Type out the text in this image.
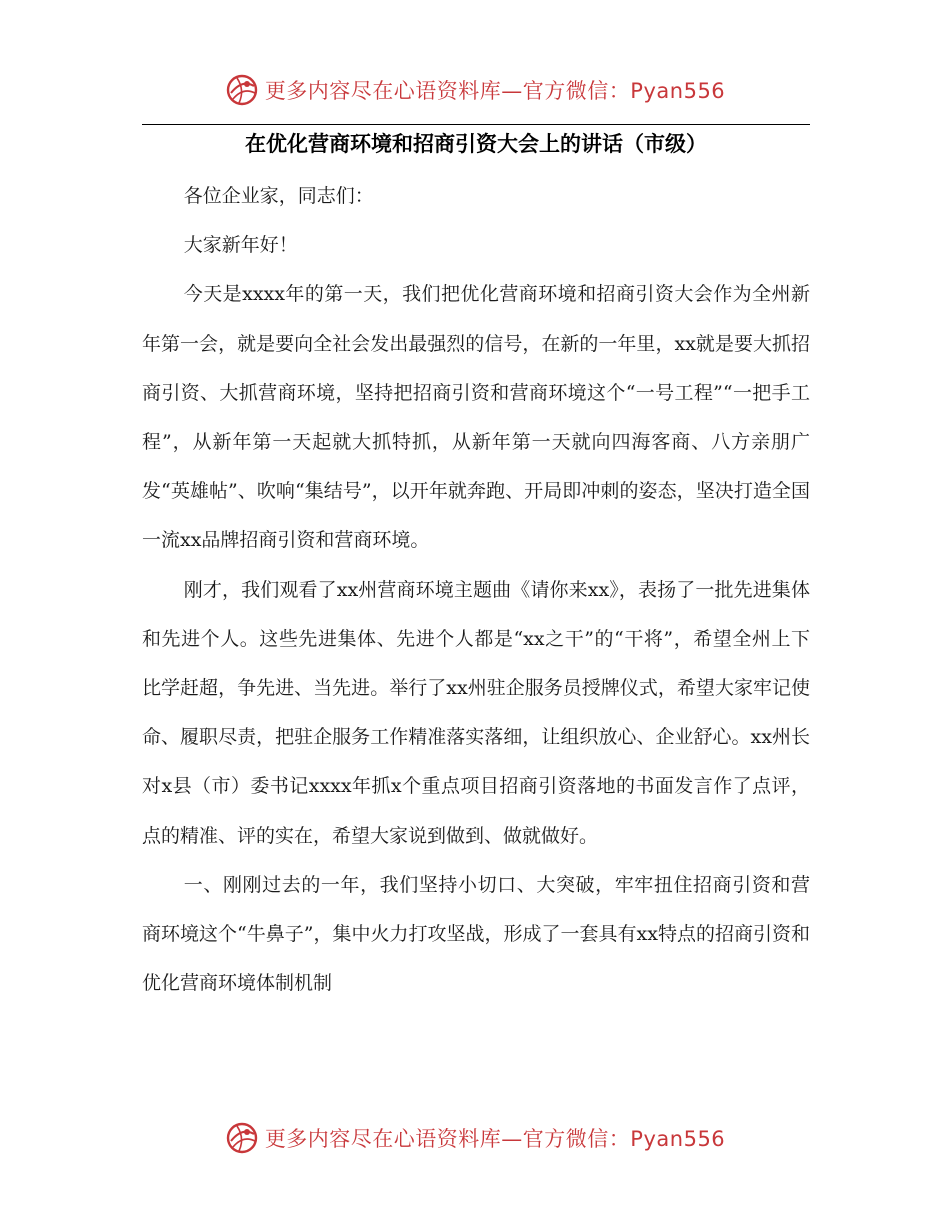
更多内容尽在心语资料库—官方微信：Pyan556
在优化营商环境和招商引资大会上的讲话（市级）

各位企业家，同志们：

大家新年好！

今天是xxxx年的第一天，我们把优化营商环境和招商引资大会作为全州新年第一会，就是要向全社会发出最强烈的信号，在新的一年里，xx就是要大抓招商引资、大抓营商环境，坚持把招商引资和营商环境这个“一号工程”“一把手工程”，从新年第一天起就大抓特抓，从新年第一天就向四海客商、八方亲朋广发“英雄帖”、吹响“集结号”，以开年就奔跑、开局即冲刺的姿态，坚决打造全国一流xx品牌招商引资和营商环境。

刚才，我们观看了xx州营商环境主题曲《请你来xx》，表扬了一批先进集体和先进个人。这些先进集体、先进个人都是“xx之干”的“干将”，希望全州上下比学赶超，争先进、当先进。举行了xx州驻企服务员授牌仪式，希望大家牢记使命、履职尽责，把驻企服务工作精准落实落细，让组织放心、企业舒心。xx州长对x县（市）委书记xxxx年抓x个重点项目招商引资落地的书面发言作了点评，点的精准、评的实在，希望大家说到做到、做就做好。

一、刚刚过去的一年，我们坚持小切口、大突破，牢牢扭住招商引资和营商环境这个“牛鼻子”，集中火力打攻坚战，形成了一套具有xx特点的招商引资和优化营商环境体制机制

更多内容尽在心语资料库—官方微信：Pyan556
